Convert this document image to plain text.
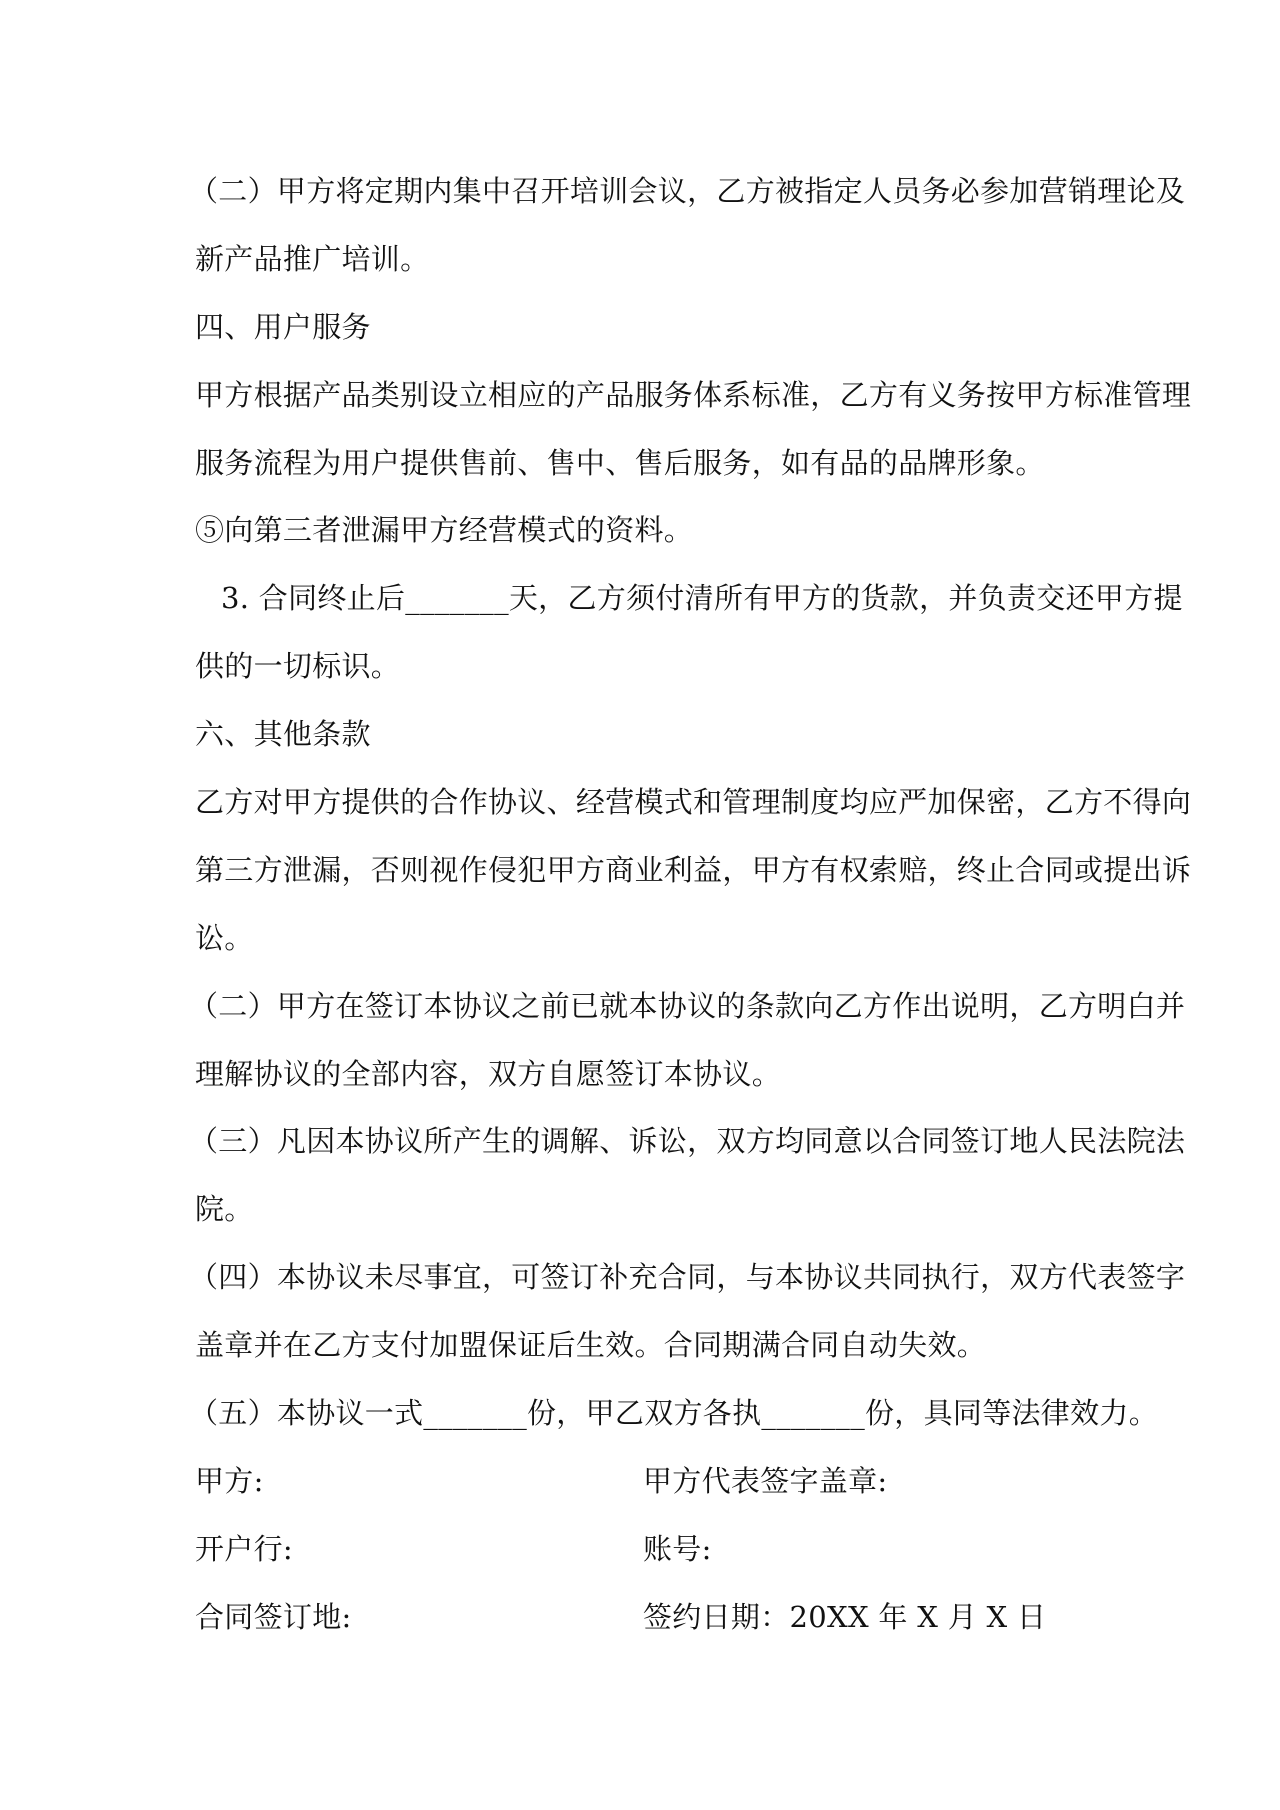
（二）甲方将定期内集中召开培训会议，乙方被指定人员务必参加营销理论及
新产品推广培训。
四、用户服务
甲方根据产品类别设立相应的产品服务体系标准，乙方有义务按甲方标准管理
服务流程为用户提供售前、售中、售后服务，如有品的品牌形象。
⑤向第三者泄漏甲方经营模式的资料。
3. 合同终止后_______天，乙方须付清所有甲方的货款，并负责交还甲方提
供的一切标识。
六、其他条款
乙方对甲方提供的合作协议、经营模式和管理制度均应严加保密，乙方不得向
第三方泄漏，否则视作侵犯甲方商业利益，甲方有权索赔，终止合同或提出诉
讼。
（二）甲方在签订本协议之前已就本协议的条款向乙方作出说明，乙方明白并
理解协议的全部内容，双方自愿签订本协议。
（三）凡因本协议所产生的调解、诉讼，双方均同意以合同签订地人民法院法
院。
（四）本协议未尽事宜，可签订补充合同，与本协议共同执行，双方代表签字
盖章并在乙方支付加盟保证后生效。合同期满合同自动失效。
（五）本协议一式_______份，甲乙双方各执_______份，具同等法律效力。
甲方:	甲方代表签字盖章:
开户行:	账号:
合同签订地:	签约日期：20XX 年 X 月 X 日
